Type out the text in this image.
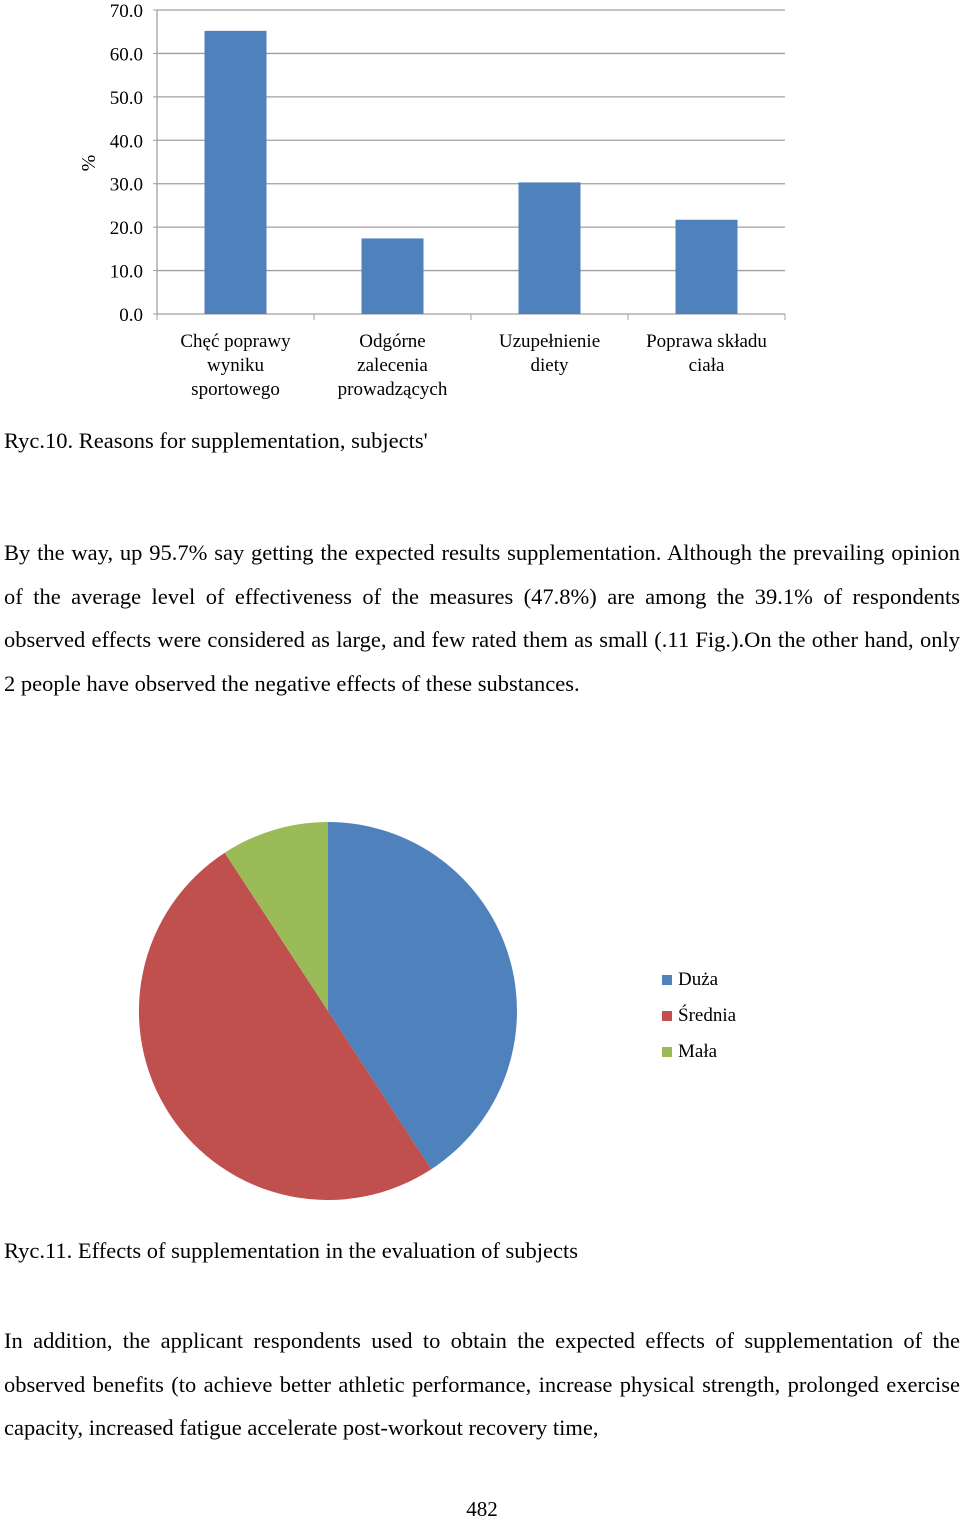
0.0
10.0
20.0
30.0
40.0
50.0
60.0
70.0
Chęć poprawy
wyniku
sportowego
Odgórne
zalecenia
prowadzących
Uzupełnienie
diety
Poprawa składu
ciała
%
Ryc.10. Reasons for supplementation, subjects'
By the way, up 95.7% say getting the expected results supplementation. Although the prevailing opinion of the average level of effectiveness of the measures (47.8%) are among the 39.1% of respondents observed effects were considered as large, and few rated them as small (.11 Fig.).On the other hand, only 2 people have observed the negative effects of these substances.
Duża
Średnia
Mała
Ryc.11. Effects of supplementation in the evaluation of subjects
In addition, the applicant respondents used to obtain the expected effects of supplementation of the observed benefits (to achieve better athletic performance, increase physical strength, prolonged exercise capacity, increased fatigue accelerate post-workout recovery time,
482
